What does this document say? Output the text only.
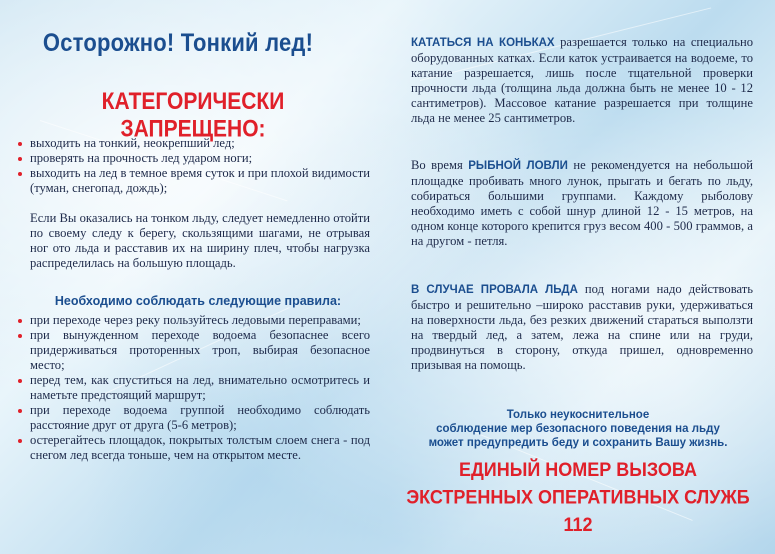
Осторожно! Тонкий лед!
КАТЕГОРИЧЕСКИ ЗАПРЕЩЕНО:
выходить на тонкий, неокрепший лед;
проверять на прочность лед ударом ноги;
выходить на лед в темное время суток и при плохой видимости (туман, снегопад, дождь);
Если Вы оказались на тонком льду, следует немедленно отойти по своему следу к берегу, скользящими шагами, не отрывая ног ото льда и расставив их на ширину плеч, чтобы нагрузка распределилась на большую площадь.
Необходимо соблюдать следующие правила:
при переходе через реку пользуйтесь ледовыми переправами;
при вынужденном переходе водоема безопаснее всего придерживаться проторенных троп, выбирая безопасное место;
перед тем, как спуститься на лед, внимательно осмотритесь и наметьте предстоящий маршрут;
при переходе водоема группой необходимо соблюдать расстояние друг от друга (5-6 метров);
остерегайтесь площадок, покрытых толстым слоем снега - под снегом лед всегда тоньше, чем на открытом месте.
КАТАТЬСЯ НА КОНЬКАХ разрешается только на специально оборудованных катках. Если каток устраивается на водоеме, то катание разрешается, лишь после тщательной проверки прочности льда (толщина льда должна быть не менее 10 - 12 сантиметров). Массовое катание разрешается при толщине льда не менее 25 сантиметров.
Во время РЫБНОЙ ЛОВЛИ не рекомендуется на небольшой площадке пробивать много лунок, прыгать и бегать по льду, собираться большими группами. Каждому рыболову необходимо иметь с собой шнур длиной 12 - 15 метров, на одном конце которого крепится груз весом 400 - 500 граммов, а на другом - петля.
В СЛУЧАЕ ПРОВАЛА ЛЬДА под ногами надо действовать быстро и решительно –широко расставив руки, удерживаться на поверхности льда, без резких движений стараться выползти на твердый лед, а затем, лежа на спине или на груди, продвинуться в сторону, откуда пришел, одновременно призывая на помощь.
Только неукоснительное
соблюдение мер безопасного поведения на льду
может предупредить беду и сохранить Вашу жизнь.
ЕДИНЫЙ НОМЕР ВЫЗОВА
ЭКСТРЕННЫХ ОПЕРАТИВНЫХ СЛУЖБ
112
